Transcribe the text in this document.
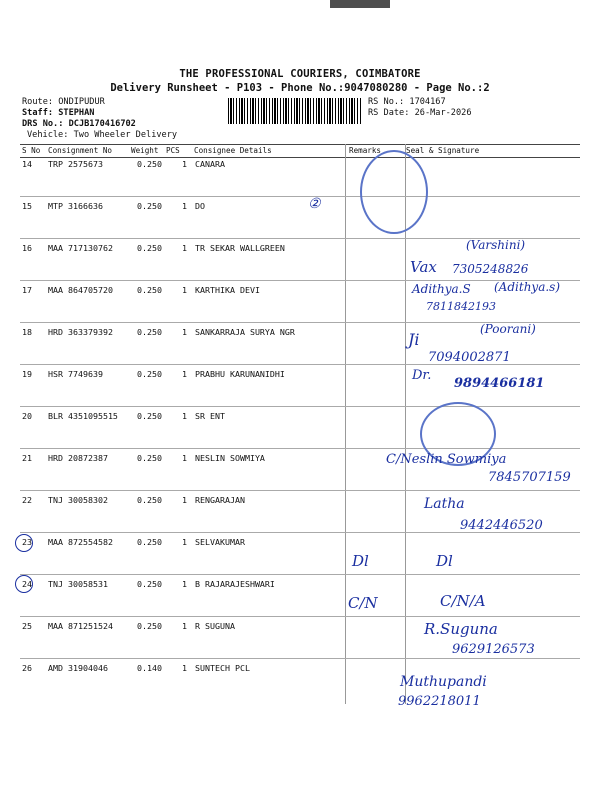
THE PROFESSIONAL COURIERS, COIMBATORE
Delivery Runsheet - P103 - Phone No.:9047080280 - Page No.:2
Route: ONDIPUDUR
Staff: STEPHAN
DRS No.: DCJB170416702
Vehicle: Two Wheeler Delivery
RS No.: 1704167
RS Date: 26-Mar-2026
S No Consignment No Weight PCS Consignee Details	Remarks	Seal & Signature
14 TRP 2575673	0.250 1 CANARA
15 MTP 3166636	0.250 1 DO
16 MAA 717130762	0.250 1 TR SEKAR WALLGREEN
17 MAA 864705720	0.250 1 KARTHIKA DEVI
18 HRD 363379392	0.250 1 SANKARRAJA SURYA NGR
19 HSR 7749639	0.250 1 PRABHU KARUNANIDHI
20 BLR 4351095515 0.250 1 SR ENT
21 HRD 20872387	0.250 1 NESLIN SOWMIYA
22 TNJ 30058302	0.250 1 RENGARAJAN
23 MAA 872554582	0.250 1 SELVAKUMAR
24 TNJ 30058531	0.250 1 B RAJARAJESHWARI
25 MAA 871251524	0.250 1 R SUGUNA
26 AMD 31904046	0.140 1 SUNTECH PCL
②
(Varshini)
Vax 7305248826
Adithya.S (Adithya.s)
7811842193
(Poorani)
Ji
7094002871
Dr.
9894466181
C/Neslin Sowmiya
7845707159
Latha
9442446520
Dl	Dl
C/N	C/N/A
R.Suguna
9629126573
Muthupandi
9962218011
